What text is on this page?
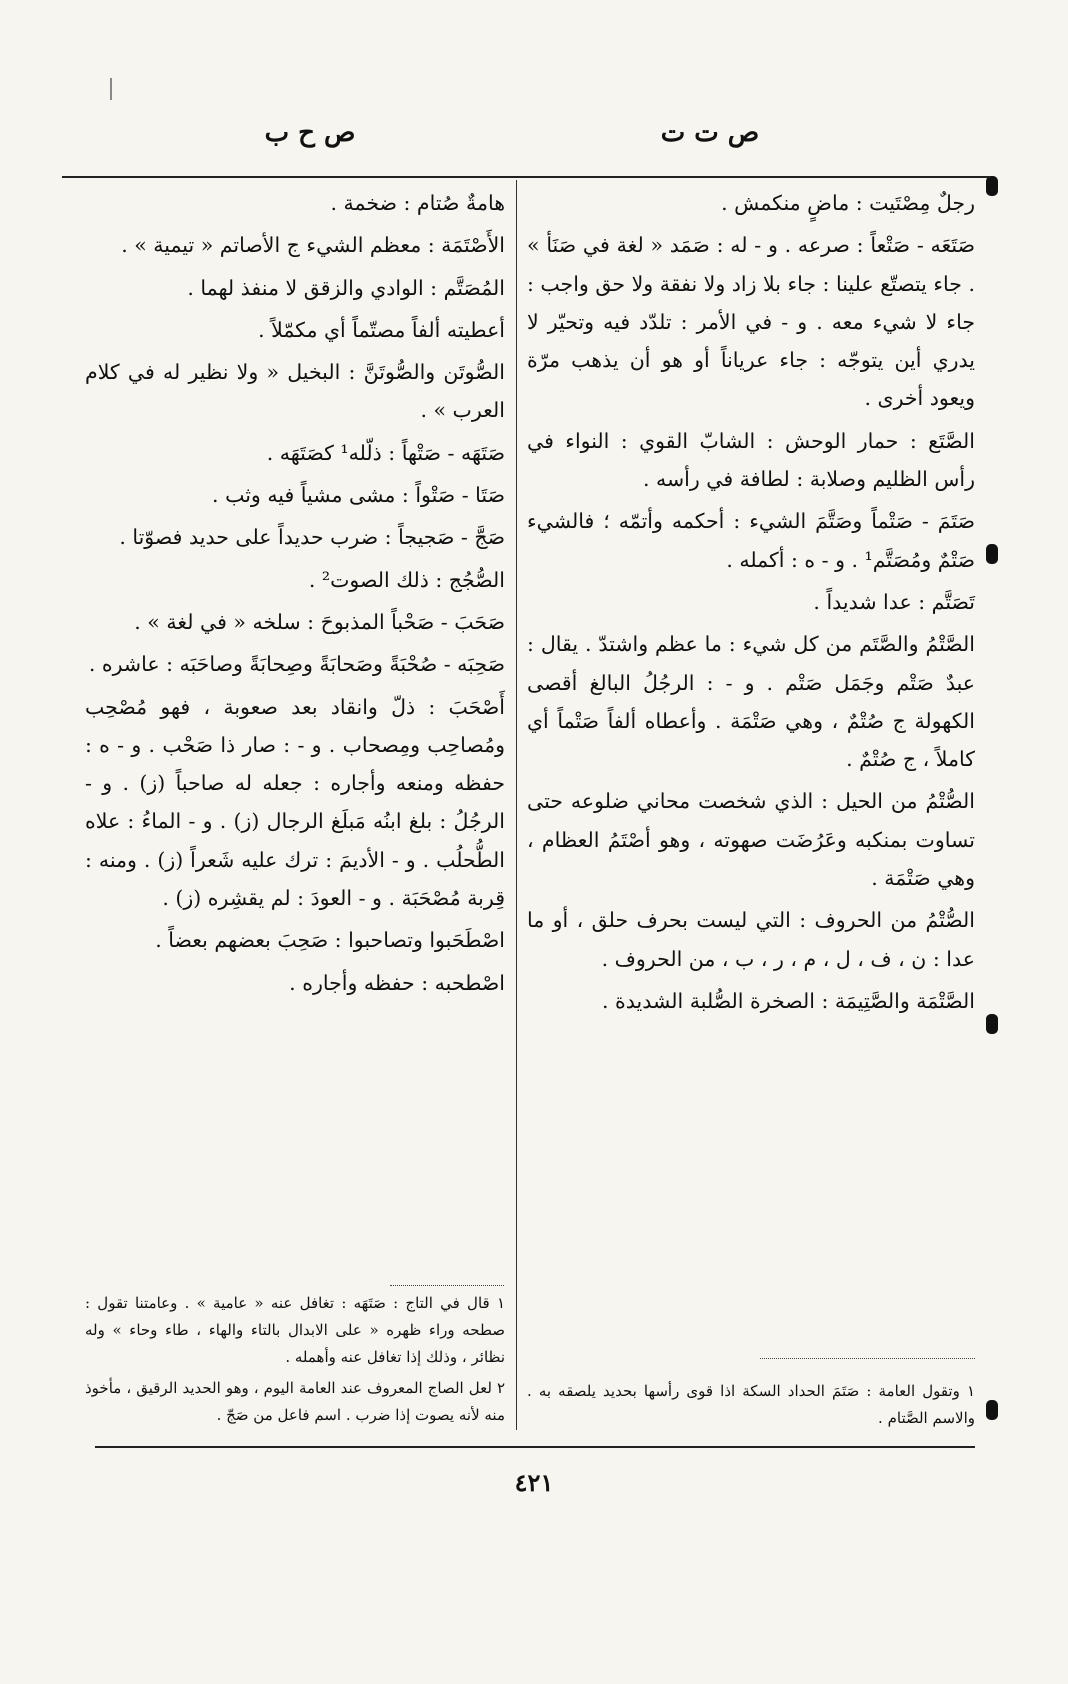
ص ت ت
ص ح ب

رجلٌ مِصْتَيت : ماضٍ منكمش .

صَتَعَه - صَتْعاً : صرعه . و - له : صَمَد « لغة في صَنَأ » . جاء يتصتّع علينا : جاء بلا زاد ولا نفقة ولا حق واجب : جاء لا شيء معه . و - في الأمر : تلدّد فيه وتحيّر لا يدري أين يتوجّه : جاء عرياناً أو هو أن يذهب مرّة ويعود أخرى .

الصَّتَع : حمار الوحش : الشابّ القوي : النواء في رأس الظليم وصلابة : لطافة في رأسه .

صَتَمَ - صَتْماً وصَتَّمَ الشيء : أحكمه وأتمّه ؛ فالشيء صَتْمٌ ومُصَتَّم¹ . و - ه : أكمله .

تَصَتَّم : عدا شديداً .

الصَّتْمُ والصَّتَم من كل شيء : ما عظم واشتدّ . يقال : عبدٌ صَتْم وجَمَل صَتْم . و - : الرجُلُ البالغ أقصى الكهولة ج صُتْمٌ ، وهي صَتْمَة . وأعطاه ألفاً صَتْماً أي كاملاً ، ج صُتْمٌ .

الصُّتْمُ من الحيل : الذي شخصت محاني ضلوعه حتى تساوت بمنكبه وعَرُضَت صهوته ، وهو أصْتَمُ العظام ، وهي صَتْمَة .

الصُّتْمُ من الحروف : التي ليست بحرف حلق ، أو ما عدا : ن ، ف ، ل ، م ، ر ، ب ، من الحروف .

الصَّتْمَة والصَّتِيمَة : الصخرة الصُّلبة الشديدة .

هامةٌ صُتام : ضخمة .

الأَصْتَمَة : معظم الشيء ج الأصاتم « تيمية » .

المُصَتَّم : الوادي والزقق لا منفذ لهما .

أعطيته ألفاً مصتّماً أي مكمّلاً .

الصُّوتَن والصُّوتَنَّ : البخيل « ولا نظير له في كلام العرب » .

صَتَهَه - صَتْهاً : ذلّله¹ كصَتَهَه .

صَتَا - صَتْواً : مشى مشياً فيه وثب .

صَجَّ - صَجيجاً : ضرب حديداً على حديد فصوّتا .

الصُّجُج : ذلك الصوت² .

صَحَبَ - صَحْباً المذبوحَ : سلخه « في لغة » .

صَحِبَه - صُحْبَةً وصَحابَةً وصِحابَةً وصاحَبَه : عاشره .

أَصْحَبَ : ذلّ وانقاد بعد صعوبة ، فهو مُصْحِب ومُصاحِب ومِصحاب . و - : صار ذا صَحْب . و - ه : حفظه ومنعه وأجاره : جعله له صاحباً (ز) . و - الرجُلُ : بلغ ابنُه مَبلَغ الرجال (ز) . و - الماءُ : علاه الطُّحلُب . و - الأديمَ : ترك عليه شَعراً (ز) . ومنه : قِربة مُصْحَبَة . و - العودَ : لم يقشِره (ز) .

اصْطَحَبوا وتصاحبوا : صَحِبَ بعضهم بعضاً .

اصْطحبه : حفظه وأجاره .

١ قال في التاج : صَتَهَه : تغافل عنه « عامية » . وعامتنا تقول : صطحه وراء ظهره « على الابدال بالتاء والهاء ، طاء وحاء » وله نظائر ، وذلك إذا تغافل عنه وأهمله .

٢ لعل الصاج المعروف عند العامة اليوم ، وهو الحديد الرقيق ، مأخوذ منه لأنه يصوت إذا ضرب . اسم فاعل من صَجّ .

١ وتقول العامة : صَتَمَ الحداد السكة اذا قوى رأسها بحديد يلصقه به . والاسم الصَّتام .

٤٢١
